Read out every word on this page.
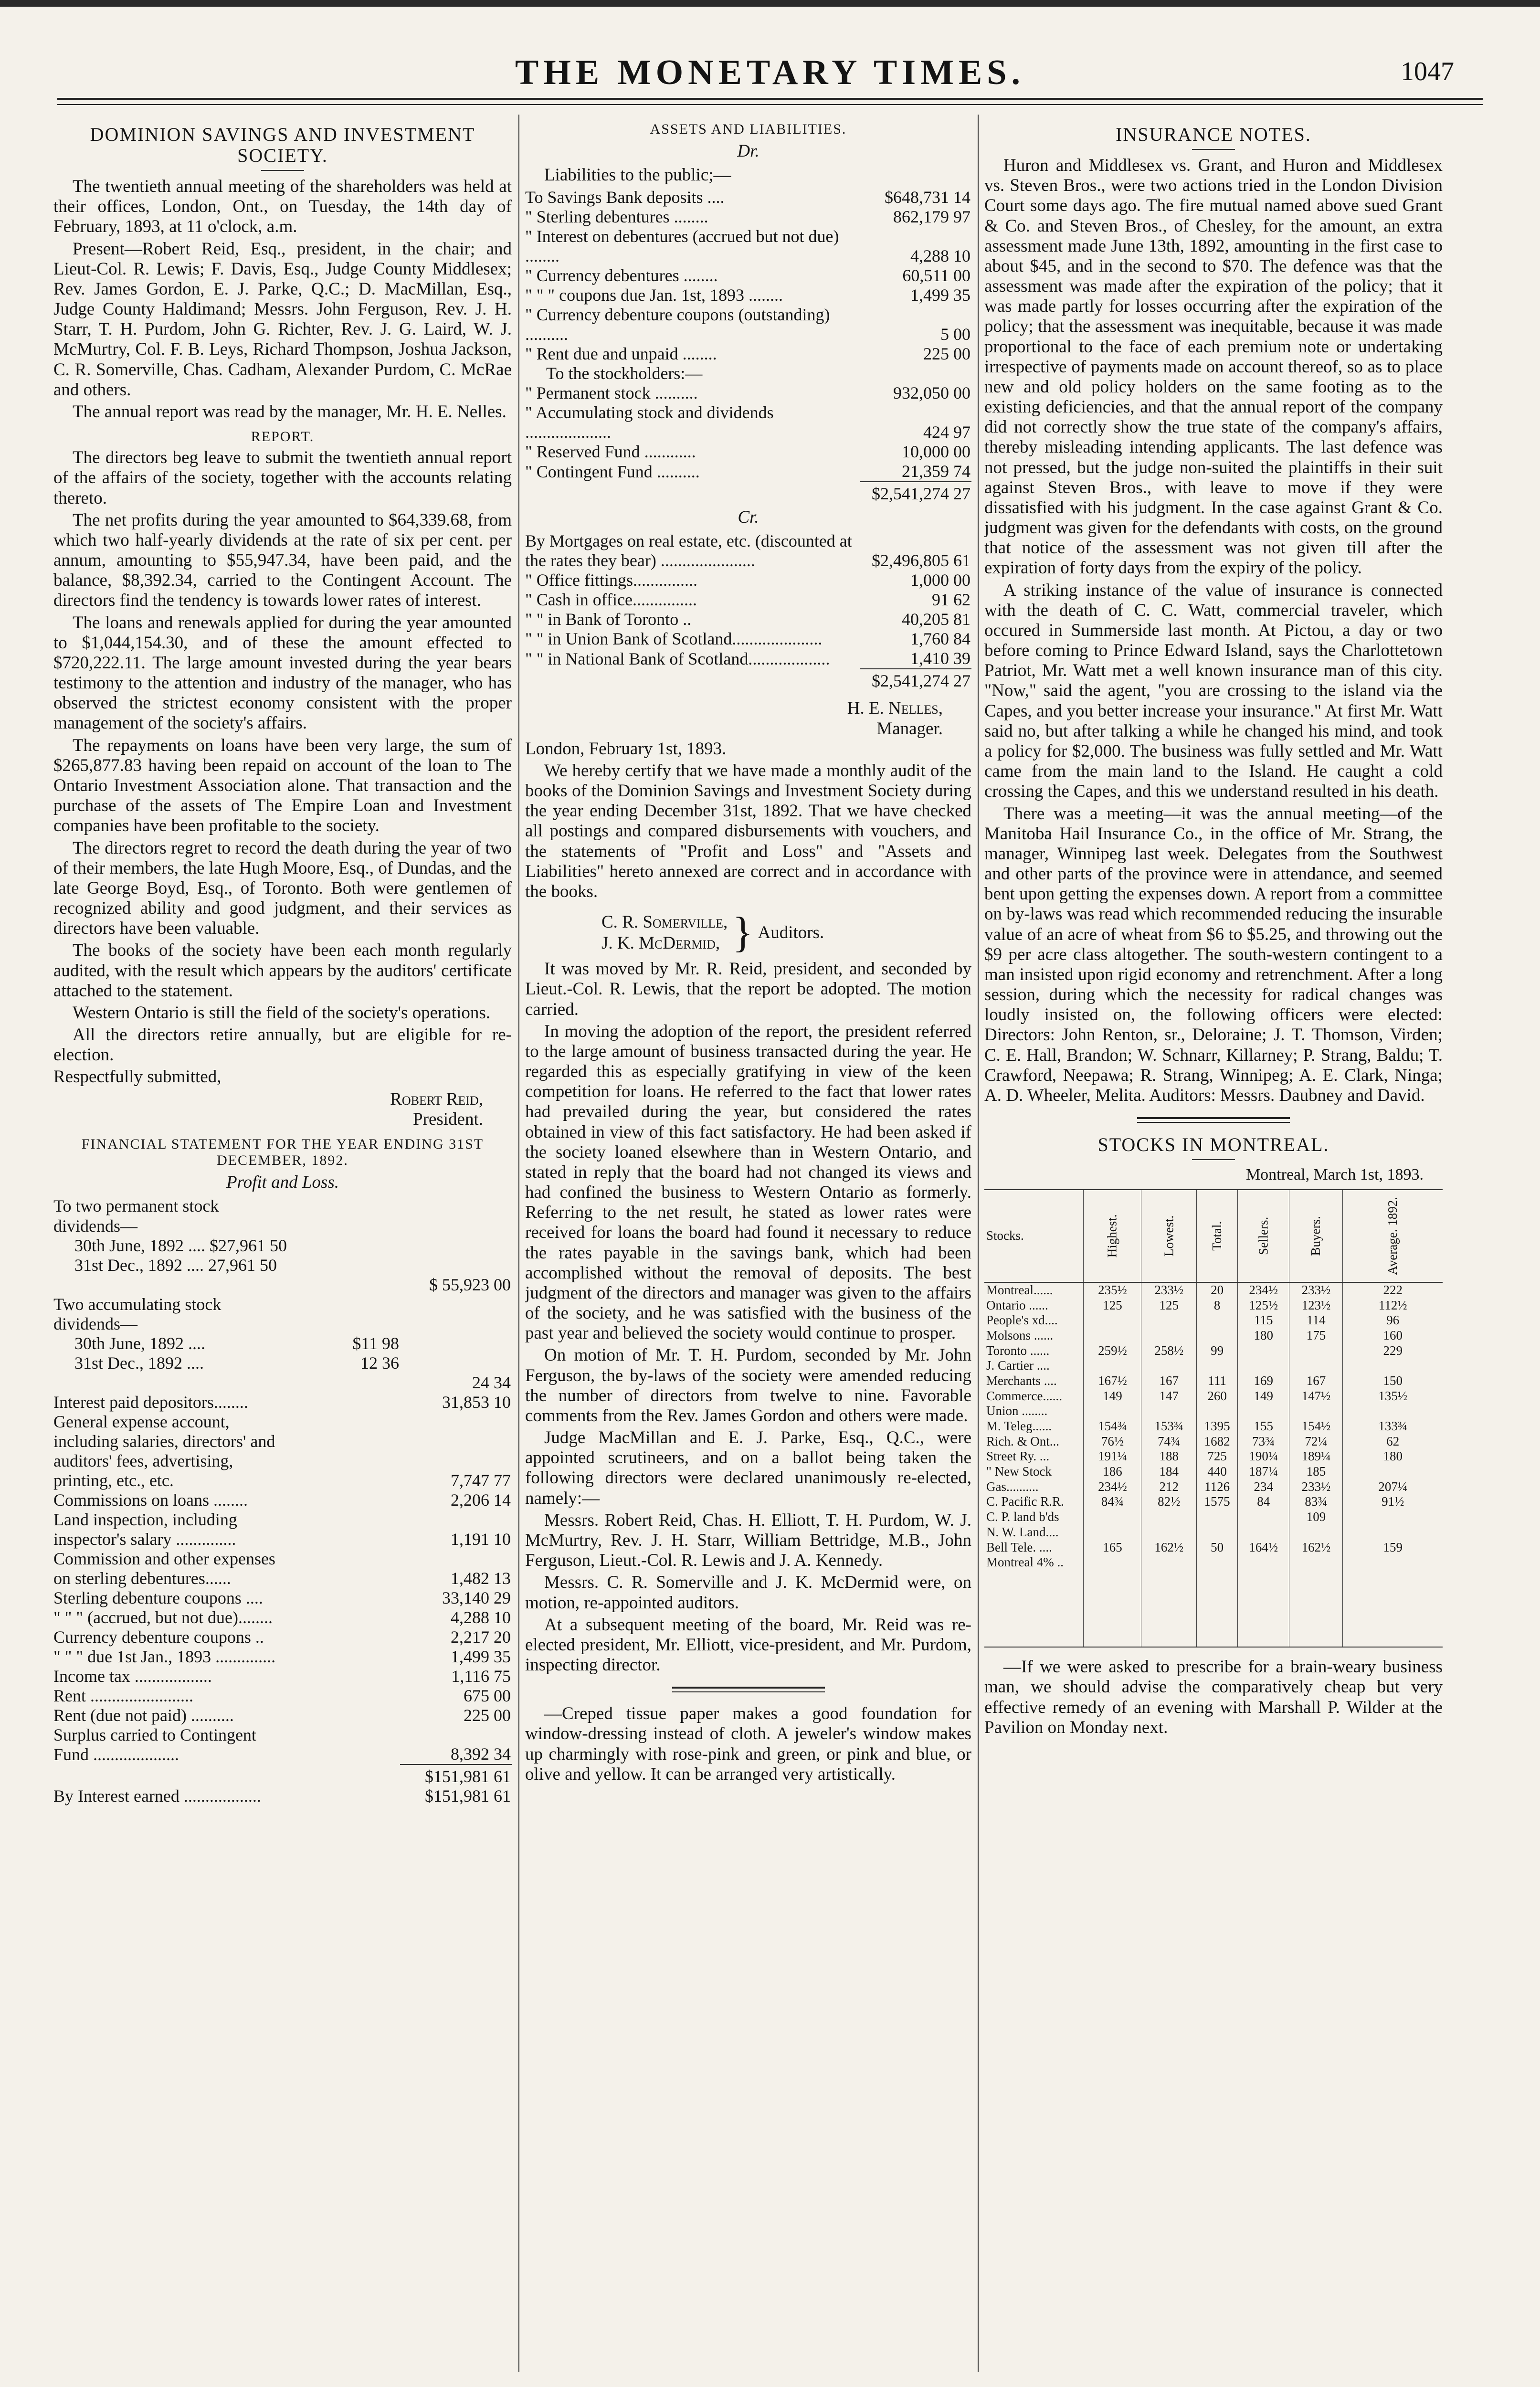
THE MONETARY TIMES.	1047
DOMINION SAVINGS AND INVESTMENT SOCIETY.

The twentieth annual meeting of the shareholders was held at their offices, London, Ont., on Tuesday, the 14th day of February, 1893, at 11 o'clock, a.m.

Present—Robert Reid, Esq., president, in the chair; and Lieut-Col. R. Lewis; F. Davis, Esq., Judge County Middlesex; Rev. James Gordon, E. J. Parke, Q.C.; D. MacMillan, Esq., Judge County Haldimand; Messrs. John Ferguson, Rev. J. H. Starr, T. H. Purdom, John G. Richter, Rev. J. G. Laird, W. J. McMurtry, Col. F. B. Leys, Richard Thompson, Joshua Jackson, C. R. Somerville, Chas. Cadham, Alexander Purdom, C. McRae and others.

The annual report was read by the manager, Mr. H. E. Nelles.

REPORT.

The directors beg leave to submit the twentieth annual report of the affairs of the society, together with the accounts relating thereto.

The net profits during the year amounted to $64,339.68, from which two half-yearly dividends at the rate of six per cent. per annum, amounting to $55,947.34, have been paid, and the balance, $8,392.34, carried to the Contingent Account. The directors find the tendency is towards lower rates of interest.

The loans and renewals applied for during the year amounted to $1,044,154.30, and of these the amount effected to $720,222.11. The large amount invested during the year bears testimony to the attention and industry of the manager, who has observed the strictest economy consistent with the proper management of the society's affairs.

The repayments on loans have been very large, the sum of $265,877.83 having been repaid on account of the loan to The Ontario Investment Association alone. That transaction and the purchase of the assets of The Empire Loan and Investment companies have been profitable to the society.

The directors regret to record the death during the year of two of their members, the late Hugh Moore, Esq., of Dundas, and the late George Boyd, Esq., of Toronto. Both were gentlemen of recognized ability and good judgment, and their services as directors have been valuable.

The books of the society have been each month regularly audited, with the result which appears by the auditors' certificate attached to the statement.

Western Ontario is still the field of the society's operations.

All the directors retire annually, but are eligible for re-election.

Respectfully submitted,

Robert Reid,
President.
FINANCIAL STATEMENT FOR THE YEAR ENDING 31ST DECEMBER, 1892.
Profit and Loss.
To two permanent stock dividends—		
30th June, 1892 .... $27,961 50		
31st Dec., 1892 .... 27,961 50		
		$ 55,923 00
Two accumulating stock dividends—		
30th June, 1892 ....	$11 98	
31st Dec., 1892 ....	12 36	
		24 34
Interest paid depositors........		31,853 10
General expense account, including salaries, directors' and auditors' fees, advertising, printing, etc., etc.		7,747 77
Commissions on loans ........		2,206 14
Land inspection, including inspector's salary ..............		1,191 10
Commission and other expenses on sterling debentures......		1,482 13
Sterling debenture coupons ....		33,140 29
" " " (accrued, but not due)........		4,288 10
Currency debenture coupons ..		2,217 20
" " " due 1st Jan., 1893 ..............		1,499 35
Income tax ..................		1,116 75
Rent ........................		675 00
Rent (due not paid) ..........		225 00
Surplus carried to Contingent Fund ....................		8,392 34
		$151,981 61
By Interest earned ..................		$151,981 61
ASSETS AND LIABILITIES.
Dr.

Liabilities to the public;—

To Savings Bank deposits ....	$648,731 14
" Sterling debentures ........	862,179 97
" Interest on debentures (accrued but not due) ........	4,288 10
" Currency debentures ........	60,511 00
" " " coupons due Jan. 1st, 1893 ........	1,499 35
" Currency debenture coupons (outstanding) ..........	5 00
" Rent due and unpaid ........	225 00
To the stockholders:—	
" Permanent stock ..........	932,050 00
" Accumulating stock and dividends ....................	424 97
" Reserved Fund ............	10,000 00
" Contingent Fund ..........	21,359 74
	$2,541,274 27
Cr.
By Mortgages on real estate, etc. (discounted at the rates they bear) ......................	$2,496,805 61
" Office fittings...............	1,000 00
" Cash in office...............	91 62
" " in Bank of Toronto ..	40,205 81
" " in Union Bank of Scotland.....................	1,760 84
" " in National Bank of Scotland...................	1,410 39
	$2,541,274 27
H. E. Nelles,
Manager.

London, February 1st, 1893.

We hereby certify that we have made a monthly audit of the books of the Dominion Savings and Investment Society during the year ending December 31st, 1892. That we have checked all postings and compared disbursements with vouchers, and the statements of "Profit and Loss" and "Assets and Liabilities" hereto annexed are correct and in accordance with the books.

C. R. Somerville,
J. K. McDermid, } Auditors.

It was moved by Mr. R. Reid, president, and seconded by Lieut.-Col. R. Lewis, that the report be adopted. The motion carried.

In moving the adoption of the report, the president referred to the large amount of business transacted during the year. He regarded this as especially gratifying in view of the keen competition for loans. He referred to the fact that lower rates had prevailed during the year, but considered the rates obtained in view of this fact satisfactory. He had been asked if the society loaned elsewhere than in Western Ontario, and stated in reply that the board had not changed its views and had confined the business to Western Ontario as formerly. Referring to the net result, he stated as lower rates were received for loans the board had found it necessary to reduce the rates payable in the savings bank, which had been accomplished without the removal of deposits. The best judgment of the directors and manager was given to the affairs of the society, and he was satisfied with the business of the past year and believed the society would continue to prosper.

On motion of Mr. T. H. Purdom, seconded by Mr. John Ferguson, the by-laws of the society were amended reducing the number of directors from twelve to nine. Favorable comments from the Rev. James Gordon and others were made.

Judge MacMillan and E. J. Parke, Esq., Q.C., were appointed scrutineers, and on a ballot being taken the following directors were declared unanimously re-elected, namely:—

Messrs. Robert Reid, Chas. H. Elliott, T. H. Purdom, W. J. McMurtry, Rev. J. H. Starr, William Bettridge, M.B., John Ferguson, Lieut.-Col. R. Lewis and J. A. Kennedy.

Messrs. C. R. Somerville and J. K. McDermid were, on motion, re-appointed auditors.

At a subsequent meeting of the board, Mr. Reid was re-elected president, Mr. Elliott, vice-president, and Mr. Purdom, inspecting director.

—Creped tissue paper makes a good foundation for window-dressing instead of cloth. A jeweler's window makes up charmingly with rose-pink and green, or pink and blue, or olive and yellow. It can be arranged very artistically.

INSURANCE NOTES.

Huron and Middlesex vs. Grant, and Huron and Middlesex vs. Steven Bros., were two actions tried in the London Division Court some days ago. The fire mutual named above sued Grant & Co. and Steven Bros., of Chesley, for the amount, an extra assessment made June 13th, 1892, amounting in the first case to about $45, and in the second to $70. The defence was that the assessment was made after the expiration of the policy; that it was made partly for losses occurring after the expiration of the policy; that the assessment was inequitable, because it was made proportional to the face of each premium note or undertaking irrespective of payments made on account thereof, so as to place new and old policy holders on the same footing as to the existing deficiencies, and that the annual report of the company did not correctly show the true state of the company's affairs, thereby misleading intending applicants. The last defence was not pressed, but the judge non-suited the plaintiffs in their suit against Steven Bros., with leave to move if they were dissatisfied with his judgment. In the case against Grant & Co. judgment was given for the defendants with costs, on the ground that notice of the assessment was not given till after the expiration of forty days from the expiry of the policy.

A striking instance of the value of insurance is connected with the death of C. C. Watt, commercial traveler, which occured in Summerside last month. At Pictou, a day or two before coming to Prince Edward Island, says the Charlottetown Patriot, Mr. Watt met a well known insurance man of this city. "Now," said the agent, "you are crossing to the island via the Capes, and you better increase your insurance." At first Mr. Watt said no, but after talking a while he changed his mind, and took a policy for $2,000. The business was fully settled and Mr. Watt came from the main land to the Island. He caught a cold crossing the Capes, and this we understand resulted in his death.

There was a meeting—it was the annual meeting—of the Manitoba Hail Insurance Co., in the office of Mr. Strang, the manager, Winnipeg last week. Delegates from the Southwest and other parts of the province were in attendance, and seemed bent upon getting the expenses down. A report from a committee on by-laws was read which recommended reducing the insurable value of an acre of wheat from $6 to $5.25, and throwing out the $9 per acre class altogether. The south-western contingent to a man insisted upon rigid economy and retrenchment. After a long session, during which the necessity for radical changes was loudly insisted on, the following officers were elected: Directors: John Renton, sr., Deloraine; J. T. Thomson, Virden; C. E. Hall, Brandon; W. Schnarr, Killarney; P. Strang, Baldu; T. Crawford, Neepawa; R. Strang, Winnipeg; A. E. Clark, Ninga; A. D. Wheeler, Melita. Auditors: Messrs. Daubney and David.

STOCKS IN MONTREAL.
Montreal, March 1st, 1893.
Stocks.	Highest.	Lowest.	Total.	Sellers.	Buyers.	Average. 1892.
Montreal......	235½	233½	20	234½	233½	222
Ontario ......	125	125	8	125½	123½	112½
People's xd....				115	114	96
Molsons ......				180	175	160
Toronto ......	259½	258½	99			229
J. Cartier ....						
Merchants ....	167½	167	111	169	167	150
Commerce......	149	147	260	149	147½	135½
Union ........						
M. Teleg......	154¾	153¾	1395	155	154½	133¾
Rich. & Ont...	76½	74¾	1682	73¾	72¼	62
Street Ry. ...	191¼	188	725	190¼	189¼	180
" New Stock	186	184	440	187¼	185	
Gas..........	234½	212	1126	234	233½	207¼
C. Pacific R.R.	84¾	82½	1575	84	83¾	91½
C. P. land b'ds					109	
N. W. Land....						
Bell Tele. ....	165	162½	50	164½	162½	159
Montreal 4% ..						

—If we were asked to prescribe for a brain-weary business man, we should advise the comparatively cheap but very effective remedy of an evening with Marshall P. Wilder at the Pavilion on Monday next.
